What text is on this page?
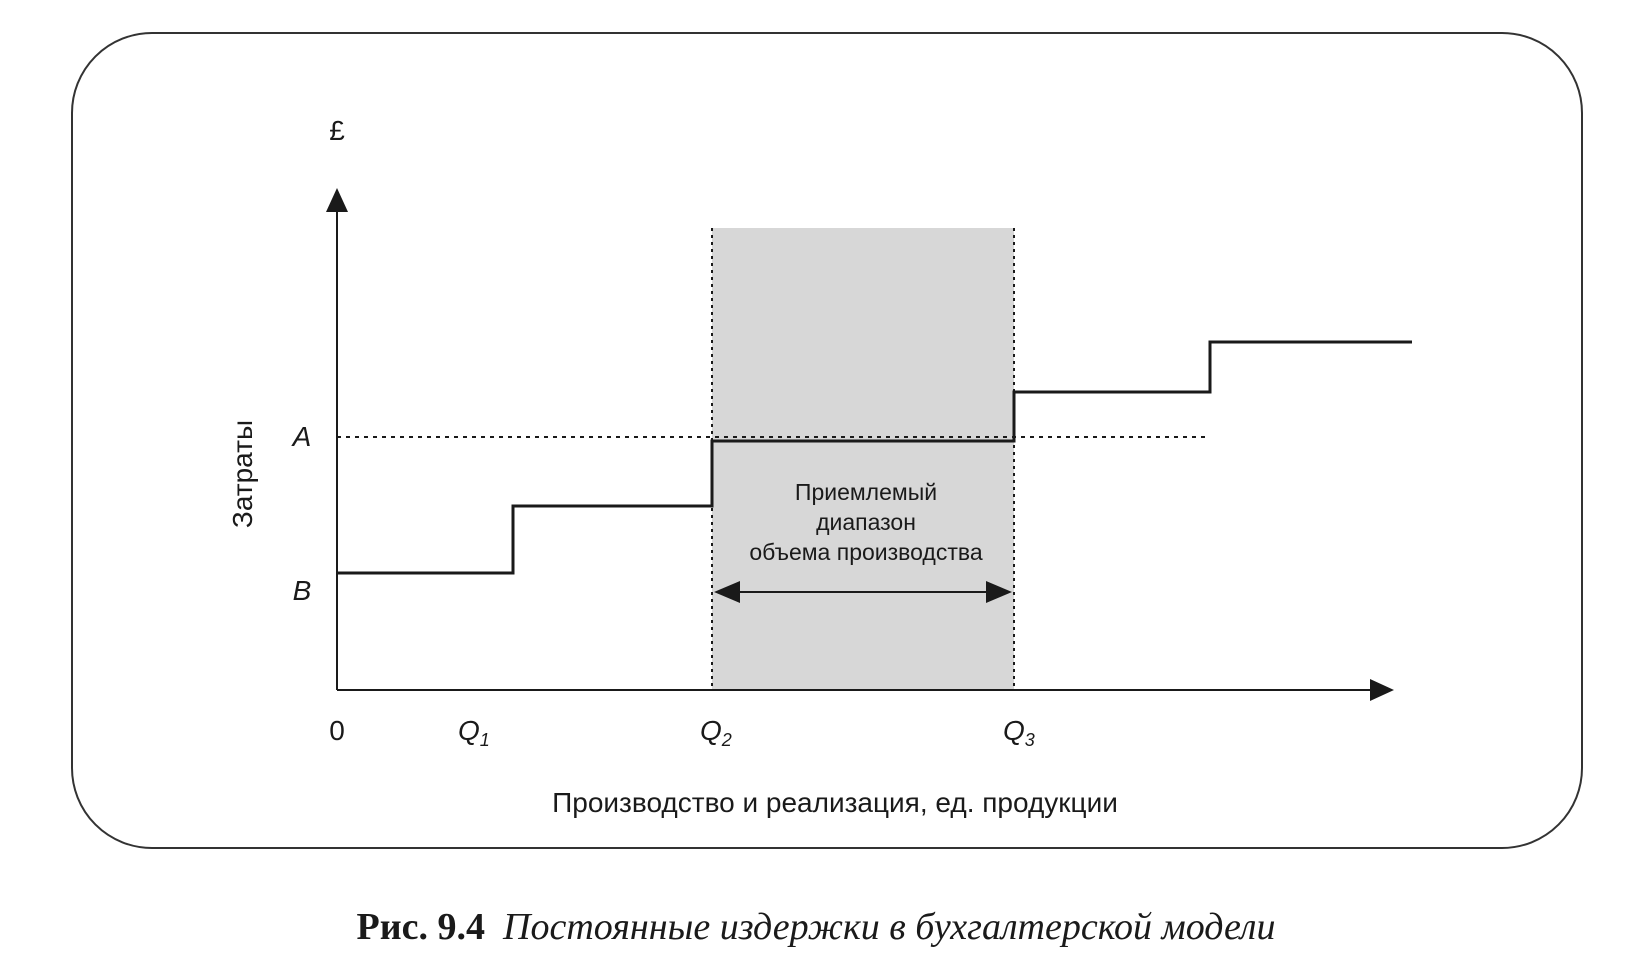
£
Затраты A
B
0	$Q_1$	$Q_2$	$Q_3$
Приемлемый
диапазон
объема производства
Производство и реализация, ед. продукции
Рис. 9.4 Постоянные издержки в бухгалтерской модели
